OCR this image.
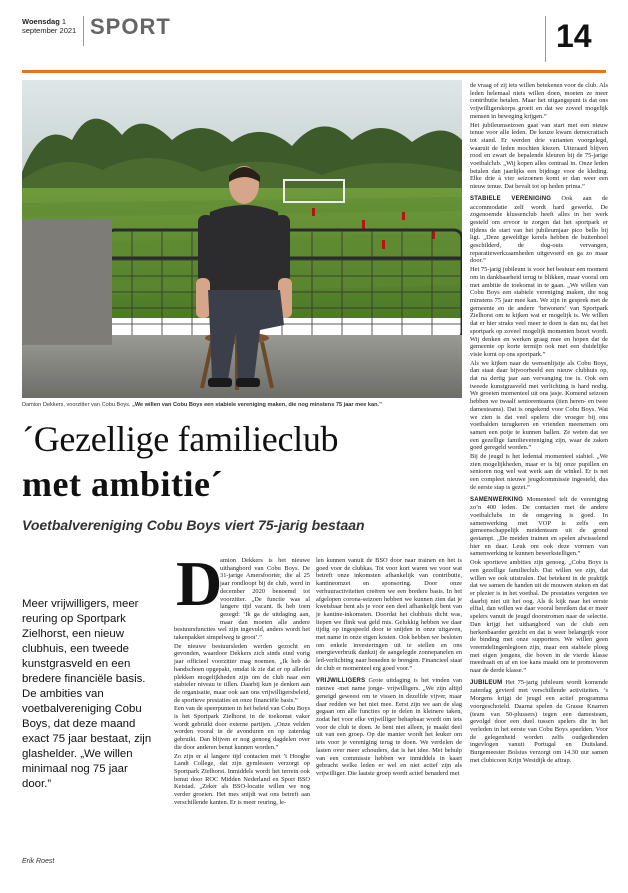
Woensdag 1
september 2021 SPORT	14
Damion Dekkers, voorzitter van Cobu Boys. „We willen van Cobu Boys een stabiele vereniging maken, die nog minstens 75 jaar mee kan.”
´Gezellige familieclub
met ambitie´
Voetbalvereniging Cobu Boys viert 75-jarig bestaan
Meer vrijwilligers, meer reuring op Sportpark Zielhorst, een nieuw clubhuis, een tweede kunstgrasveld en een bredere financiële basis. De ambities van voetbalvereniging Cobu Boys, dat deze maand exact 75 jaar bestaat, zijn glashelder. „We willen minimaal nog 75 jaar door.”
Erik Roest
D

amion Dekkers is het nieuwe uithangbord van Cobu Boys. De 31-jarige Amersfoorter, die al 25 jaar rondloopt bij de club, werd in december 2020 benoemd tot voorzitter. „De functie was al langere tijd vacant. Ik heb toen gezegd: ‘Ik ga de uitdaging aan, maar dan moeten alle andere bestuursfuncties wel zijn ingevuld, anders wordt het takenpakket simpelweg te groot’.”

De nieuwe bestuursleden werden gezocht en gevonden, waardoor Dekkers zich sinds eind vorig jaar officieel voorzitter mag noemen. „Ik heb de handschoen opgepakt, omdat ik zie dat er op allerlei plekken mogelijkheden zijn om de club naar een stabieler niveau te tillen. Daarbij kun je denken aan de organisatie, maar ook aan ons vrijwilligersbeleid, de sportieve prestaties en onze financiële basis.”

Een van de speerpunten in het beleid van Cobu Boys is het Sportpark Zielhorst in de toekomst vaker wordt gebruikt door externe partijen. „Onze velden worden vooral in de avonduren en op zaterdag gebruikt. Dan blijven er nog genoeg dagdelen over die door anderen benut kunnen worden.”

Zo zijn er al langere tijd contacten met ’t Hooghe Landt College, dat zijn gymlessen verzorgt op Sportpark Zielhorst. Inmiddels wordt het terrein ook benut door ROC Midden Nederland en Sport BSO Keistad. „Zeker als BSO-locatie willen we nog verder groeien. Het mes snijdt wat ons betreft aan verschillende kanten. Er is meer reuring, le-

len kunnen vanuit de BSO door naar trainen en het is goed voor de clubkas. Tot voor kort waren we voor wat betreft onze inkomsten afhankelijk van contributie, kantineomzet en sponsoring. Door onze verhuuractiviteiten creëren we een bredere basis. In het afgelopen corona-seizoen hebben we kunnen zien dat je kwetsbaar bent als je voor een deel afhankelijk bent van je kantine-inkomsten. Doordat het clubhuis dicht was, liepen we flink wat geld mis. Gelukkig hebben we daar tijdig op ingespeeld door te snijden in onze uitgaven, met name in onze eigen kosten. Ook hebben we besloten om enkele investeringen uit te stellen en ons energieverbruik dankzij de aangelegde zonnepanelen en led-verlichting naar beneden te brengen. Financieel staat de club er momenteel erg goed voor.”

VRIJWILLIGERS Grote uitdaging is het vinden van nieuwe -met name jonge- vrijwilligers. „We zijn altijd geneigd geweest om te vissen in dezelfde vijver, maar daar redden we het niet mee. Eerst zijn we aan de slag gegaan om alle functies op te delen in kleinere taken, zodat het voor elke vrijwilliger behapbaar wordt om iets voor de club te doen. Je bent niet alleen, je maakt deel uit van een groep. Op die manier wordt het leuker om iets voor je vereniging terug te doen. We verdelen de lasten over meer schouders, dat is het idee. Met behulp van een commissie hebben we inmiddels in kaart gebracht welke leden er wel en niet actief zijn als vrijwilliger. Die laatste groep wordt actief benaderd met

de vraag of zij iets willen betekenen voor de club. Als leden helemaal niets willen doen, moeten ze meer contributie betalen. Maar het uitgangspunt is dat ons vrijwilligerskorps groeit en dat we zoveel mogelijk mensen in beweging krijgen.”

Het jubileumseizoen gaat van start met een nieuw tenue voor alle leden. De keuze kwam democratisch tot stand. Er werden drie varianten voorgelegd, waaruit de leden mochten kiezen. Uiteraard blijven rood en zwart de bepalende kleuren bij de 75-jarige voetbalclub. „Wij kopen alles centraal in. Onze leden betalen dan jaarlijks een bijdrage voor de kleding. Elke drie à vier seizoenen komt er dan weer een nieuw tenue. Dat bevalt tot op heden prima.”

STABIELE VERENIGING Ook aan de accommodatie zelf wordt hard gewerkt. De zogenoemde klussenclub heeft alles in het werk gesteld om ervoor te zorgen dat het sportpark er tijdens de start van het jubileumjaar pico bello bij ligt. „Deze geweldige kerels hebben de buitenboel geschilderd, de dug-outs vervangen, reparatiewerkzaamheden uitgevoerd en ga zo maar door.”

Het 75-jarig jubileum is voor het bestuur een moment om in dankbaarheid terug te blikken, maar vooral om met ambitie de toekomst in te gaan. „We willen van Cobu Boys een stabiele vereniging maken, die nog minstens 75 jaar mee kan. We zijn in gesprek met de gemeente en de andere ‘bewoners’ van Sportpark Zielhorst om te kijken wat er mogelijk is. We willen dat er hier straks veel meer te doen is dan nu, dat het sportpark op zoveel mogelijk momenten bezet wordt. Wij denken en werken graag mee en hopen dat de gemeente op korte termijn ook met een duidelijke visie komt op ons sportpark.”

Als we kijken naar de wensenlijstje als Cobu Boys, dan staat daar bijvoorbeeld een nieuw clubhuis op, dat na dertig jaar aan vervanging toe is. Ook een tweede kunstgrasveld met verlichting is hard nodig. We groeien momenteel uit ons jasje. Komend seizoen hebben we twaalf seniorenteams (tien heren- en twee damesteams). Dat is ongekend voor Cobu Boys. Wat we zien is dat veel spelers die vroeger bij ons voetbalden terugkeren en vrienden meenemen om samen een potje te kunnen ballen. Ze weten dat we een gezellige familievereniging zijn, waar de zaken goed geregeld worden.”

Bij de jeugd is het ledental momenteel stabiel. „We zien mogelijkheden, maar er is bij onze pupillen en senioren nog wel wat werk aan de winkel. Er is net een compleet nieuwe jeugdcommissie ingesteld, dus de eerste stap is gezet.”

SAMENWERKING Momenteel telt de vereniging zo’n 400 leden. De contacten met de andere voetbalclubs in de omgeving is goed. In samenwerking met VOP is zelfs een gemeenschappelijk meidenteam uit de grond gestampt. „De meiden trainen en spelen afwisselend hier en daar. Leuk om ook deze vormen van samenwerking te kunnen bewerkstelligen.”

Ook sportieve ambities zijn genoeg. „Cobu Boys is een gezellige familieclub. Dat willen we zijn, dat willen we ook uitstralen. Dat betekent in de praktijk dat we samen de handen uit de mouwen steken en dat er plezier is in het voetbal. De prestaties vergeten we daarbij niet uit het oog. Als ik kijk naar het eerste elftal, dan willen we daar vooral bereiken dat er meer spelers vanuit de jeugd doorstromen naar de selectie. Dan krijgt het uithangbord van de club een herkenbaarder gezicht en dat is weer belangrijk voor de binding met onze supporters. We willen geen vreemdelingenlegioen zijn, maar een stabiele ploeg met eigen jongens, die boven in de vierde klasse meedraait en af en toe kans maakt om te promoveren naar de derde klasse.”

JUBILEUM Het 75-jarig jubileum wordt komende zaterdag gevierd met verschillende activiteiten. ‘s Morgens krijgt de jeugd een actief programma voorgeschoteld. Daarna spelen de Grasse Knarren (team van 50-plussers) tegen een damesteam, gevolgd door een duel tussen spelers die in het verleden in het eerste van Cobu Boys speelden. Voor de gelegenheid worden zelfs oudgedienden ingevlogen vanuit Portugal en Duitsland. Burgemeester Bolsius verzorgt om 14.30 uur samen met clubicoon Krijn Westdijk de aftrap.
